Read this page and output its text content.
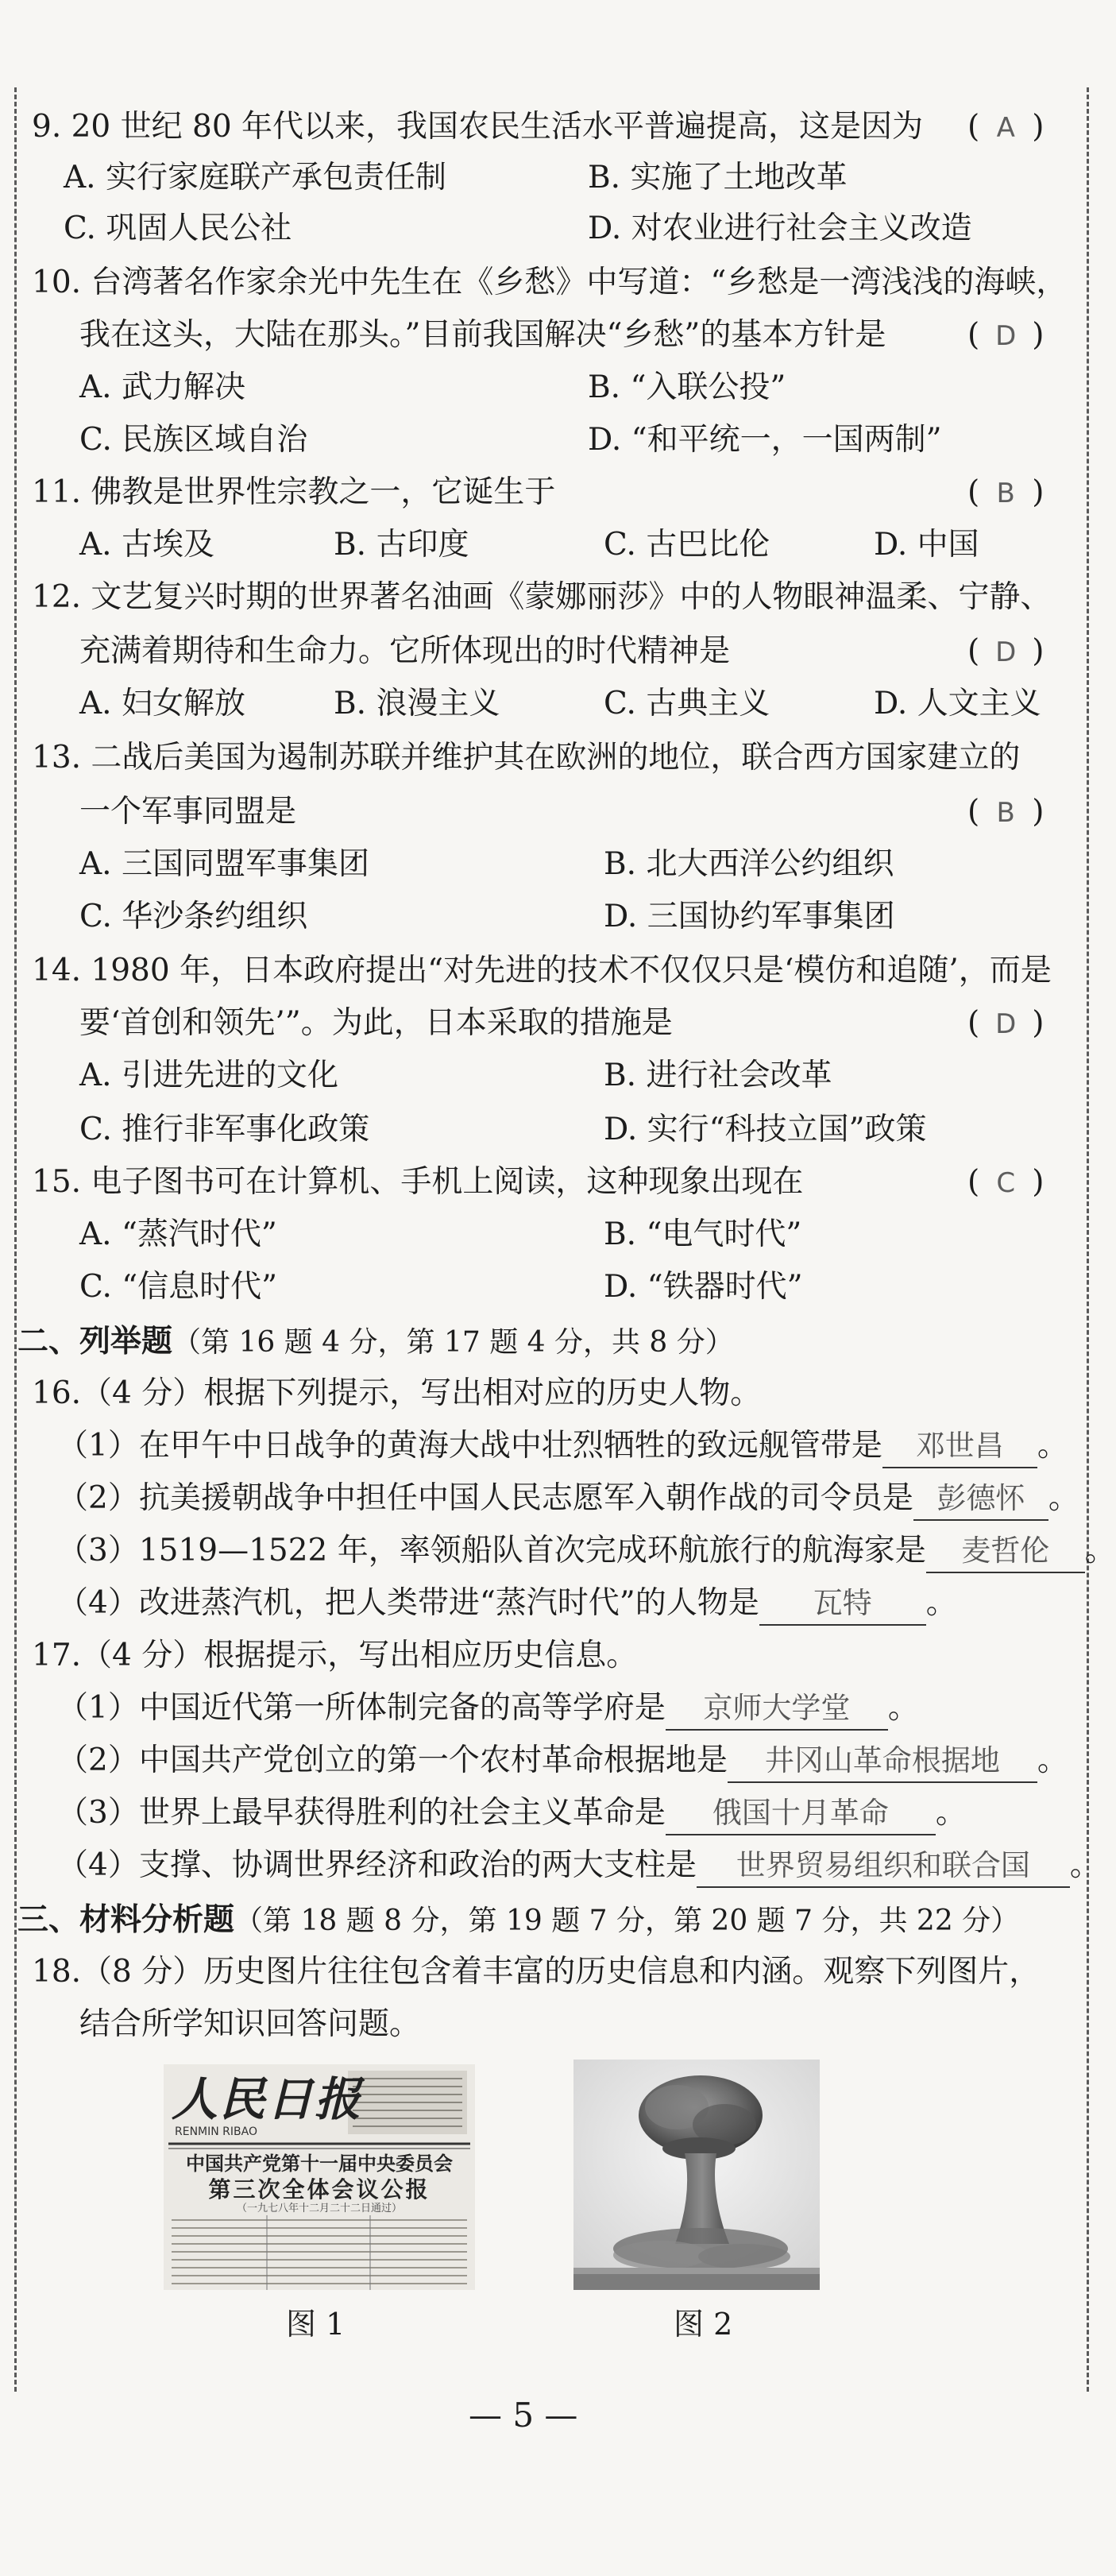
9. 20 世纪 80 年代以来，我国农民生活水平普遍提高，这是因为 ( A )
A. 实行家庭联产承包责任制	B. 实施了土地改革
C. 巩固人民公社	D. 对农业进行社会主义改造
10. 台湾著名作家余光中先生在《乡愁》中写道：“乡愁是一湾浅浅的海峡，
我在这头，大陆在那头。”目前我国解决“乡愁”的基本方针是	( D )
A. 武力解决	B. “入联公投”
C. 民族区域自治	D. “和平统一，一国两制”
11. 佛教是世界性宗教之一，它诞生于	( B )
A. 古埃及	B. 古印度	C. 古巴比伦	D. 中国
12. 文艺复兴时期的世界著名油画《蒙娜丽莎》中的人物眼神温柔、宁静、
充满着期待和生命力。它所体现出的时代精神是	( D )
A. 妇女解放	B. 浪漫主义	C. 古典主义	D. 人文主义
13. 二战后美国为遏制苏联并维护其在欧洲的地位，联合西方国家建立的
一个军事同盟是	( B )
A. 三国同盟军事集团	B. 北大西洋公约组织
C. 华沙条约组织	D. 三国协约军事集团
14. 1980 年，日本政府提出“对先进的技术不仅仅只是‘模仿和追随’，而是
要‘首创和领先’”。为此，日本采取的措施是	( D )
A. 引进先进的文化	B. 进行社会改革
C. 推行非军事化政策	D. 实行“科技立国”政策
15. 电子图书可在计算机、手机上阅读，这种现象出现在	( C )
A. “蒸汽时代”	B. “电气时代”
C. “信息时代”	D. “铁器时代”
二、列举题（第 16 题 4 分，第 17 题 4 分，共 8 分）
16.（4 分）根据下列提示，写出相对应的历史人物。
（1）在甲午中日战争的黄海大战中壮烈牺牲的致远舰管带是 邓世昌 。
（2）抗美援朝战争中担任中国人民志愿军入朝作战的司令员是 彭德怀 。
（3）1519—1522 年，率领船队首次完成环航旅行的航海家是 麦哲伦 。
（4）改进蒸汽机，把人类带进“蒸汽时代”的人物是 瓦特 。
17.（4 分）根据提示，写出相应历史信息。
（1）中国近代第一所体制完备的高等学府是 京师大学堂 。
（2）中国共产党创立的第一个农村革命根据地是 井冈山革命根据地 。
（3）世界上最早获得胜利的社会主义革命是 俄国十月革命 。
（4）支撑、协调世界经济和政治的两大支柱是 世界贸易组织和联合国 。
三、材料分析题（第 18 题 8 分，第 19 题 7 分，第 20 题 7 分，共 22 分）
18.（8 分）历史图片往往包含着丰富的历史信息和内涵。观察下列图片，
结合所学知识回答问题。
人民日报
RENMIN RIBAO
中国共产党第十一届中央委员会
第三次全体会议公报
（一九七八年十二月二十二日通过）
图 1	图 2
— 5 —
